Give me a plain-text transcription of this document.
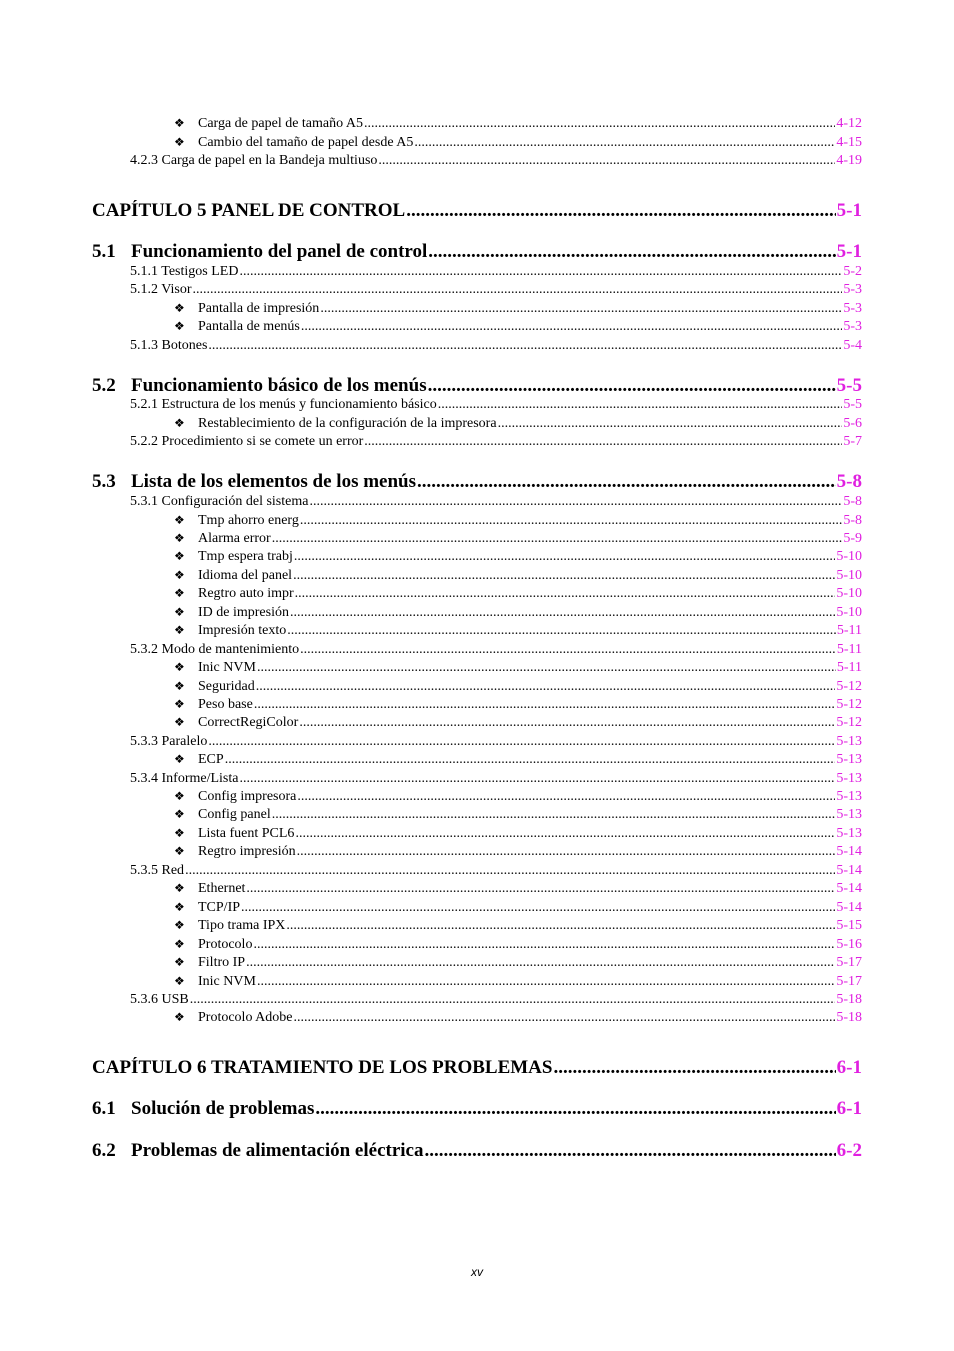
❖ Carga de papel de tamaño A5 .....	4-12
❖ Cambio del tamaño de papel desde A5 .....	4-15
4.2.3 Carga de papel en la Bandeja multiuso .....	4-19
CAPÍTULO 5 PANEL DE CONTROL .....	5-1
5.1 Funcionamiento del panel de control .....	5-1
5.1.1 Testigos LED .....	5-2
5.1.2 Visor .....	5-3
❖ Pantalla de impresión .....	5-3
❖ Pantalla de menús .....	5-3
5.1.3 Botones .....	5-4
5.2 Funcionamiento básico de los menús .....	5-5
5.2.1 Estructura de los menús y funcionamiento básico .....	5-5
❖ Restablecimiento de la configuración de la impresora .....	5-6
5.2.2 Procedimiento si se comete un error .....	5-7
5.3 Lista de los elementos de los menús .....	5-8
5.3.1 Configuración del sistema .....	5-8
❖ Tmp ahorro energ .....	5-8
❖ Alarma error .....	5-9
❖ Tmp espera trabj .....	5-10
❖ Idioma del panel .....	5-10
❖ Regtro auto impr .....	5-10
❖ ID de impresión .....	5-10
❖ Impresión texto .....	5-11
5.3.2 Modo de mantenimiento .....	5-11
❖ Inic NVM .....	5-11
❖ Seguridad .....	5-12
❖ Peso base .....	5-12
❖ CorrectRegiColor .....	5-12
5.3.3 Paralelo .....	5-13
❖ ECP .....	5-13
5.3.4 Informe/Lista .....	5-13
❖ Config impresora .....	5-13
❖ Config panel .....	5-13
❖ Lista fuent PCL6 .....	5-13
❖ Regtro impresión .....	5-14
5.3.5 Red .....	5-14
❖ Ethernet .....	5-14
❖ TCP/IP .....	5-14
❖ Tipo trama IPX .....	5-15
❖ Protocolo .....	5-16
❖ Filtro IP .....	5-17
❖ Inic NVM .....	5-17
5.3.6 USB .....	5-18
❖ Protocolo Adobe .....	5-18
CAPÍTULO 6 TRATAMIENTO DE LOS PROBLEMAS .....	6-1
6.1 Solución de problemas .....	6-1
6.2 Problemas de alimentación eléctrica .....	6-2
xv
